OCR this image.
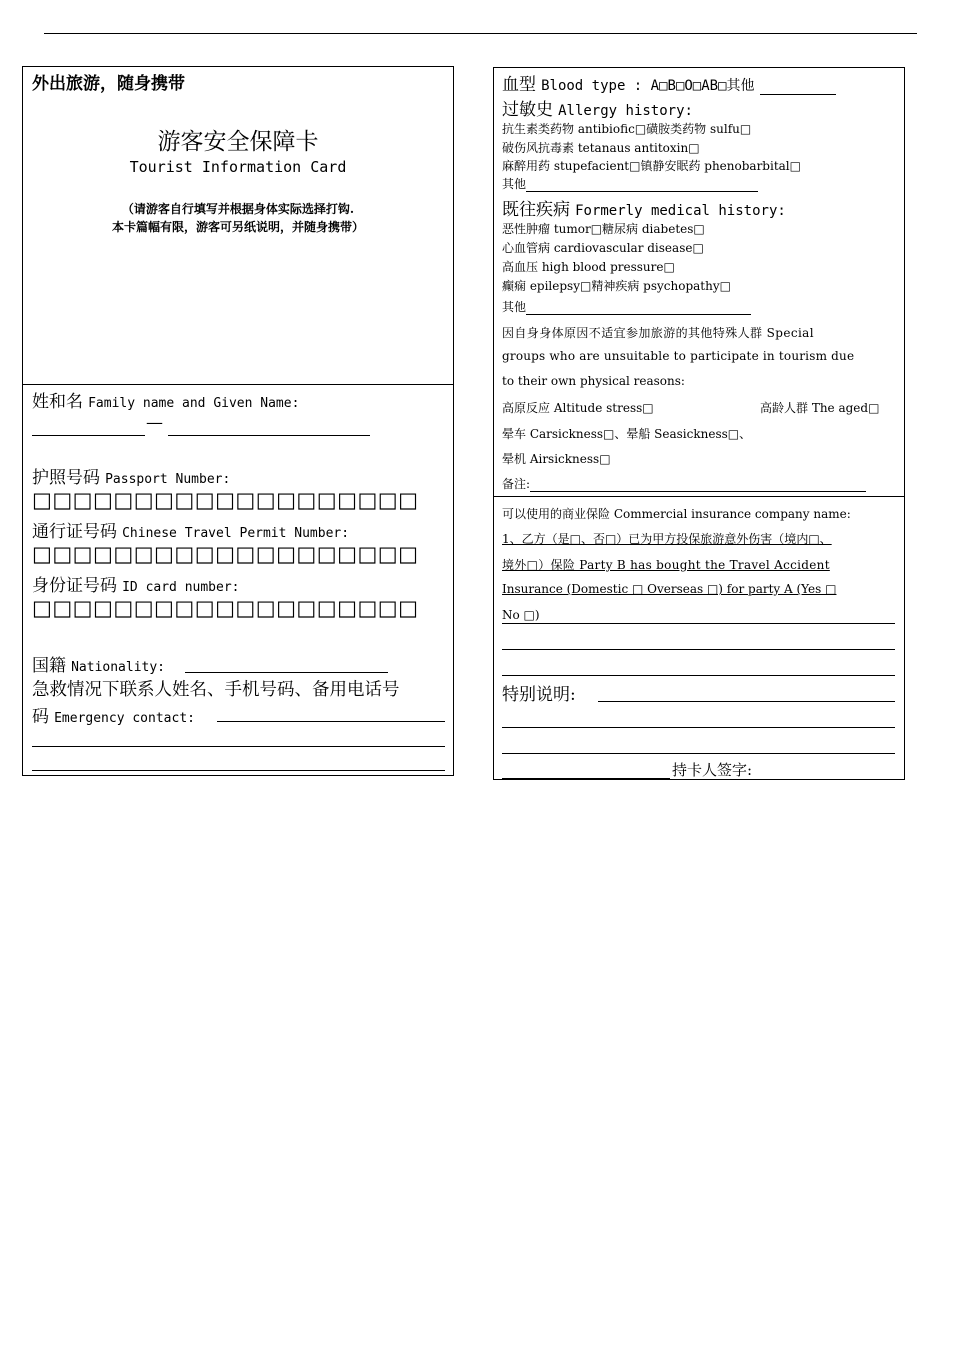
外出旅游，随身携带
游客安全保障卡
Tourist Information Card
（请游客自行填写并根据身体实际选择打钩.
本卡篇幅有限，游客可另纸说明，并随身携带）
姓和名 Family name and Given Name:
—
护照号码 Passport Number:
□□□□□□□□□□□□□□□□□□□
通行证号码 Chinese Travel Permit Number:
□□□□□□□□□□□□□□□□□□□
身份证号码 ID card number:
□□□□□□□□□□□□□□□□□□□
国籍 Nationality:
急救情况下联系人姓名、手机号码、备用电话号
码 Emergency contact:
血型 Blood type : A□B□O□AB□其他
过敏史 Allergy history:
抗生素类药物 antibiofic□磺胺类药物 sulfu□
破伤风抗毒素 tetanaus antitoxin□
麻醉用药 stupefacient□镇静安眠药 phenobarbital□
其他
既往疾病 Formerly medical history:
恶性肿瘤 tumor□糖尿病 diabetes□
心血管病 cardiovascular disease□
高血压 high blood pressure□
癫痫 epilepsy□精神疾病 psychopathy□
其他
因自身身体原因不适宜参加旅游的其他特殊人群 Special
groups who are unsuitable to participate in tourism due
to their own physical reasons:
高原反应 Altitude stress□	高龄人群 The aged□
晕车 Carsickness□、晕船 Seasickness□、
晕机 Airsickness□
备注:
可以使用的商业保险 Commercial insurance company name:
1、乙方（是□、否□）已为甲方投保旅游意外伤害（境内□、
境外□）保险 Party B has bought the Travel Accident
Insurance (Domestic □ Overseas □) for party A (Yes □
No □)
特别说明:
持卡人签字:
